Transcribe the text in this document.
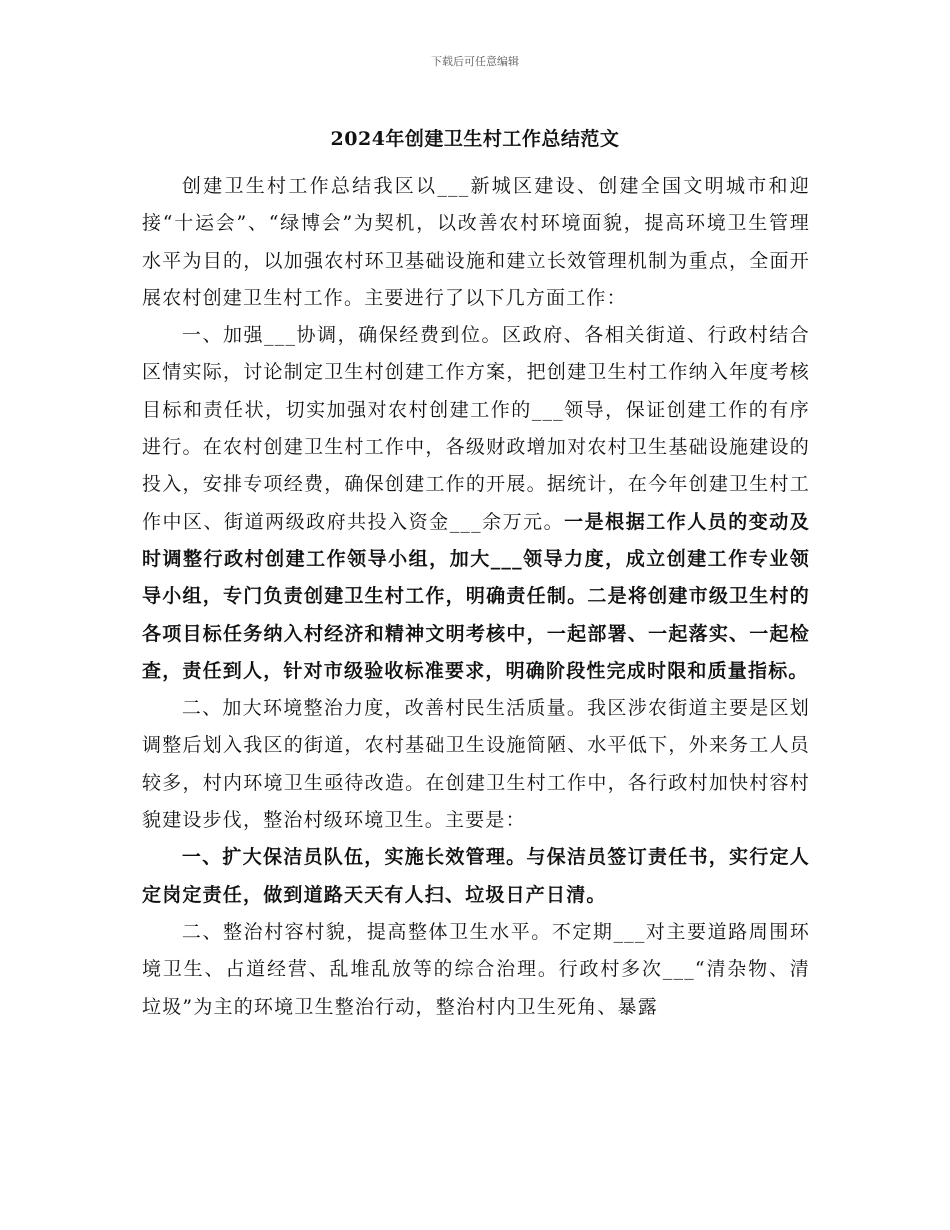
下载后可任意编辑
2024年创建卫生村工作总结范文

创建卫生村工作总结我区以___新城区建设、创建全国文明城市和迎接“十运会”、“绿博会”为契机，以改善农村环境面貌，提高环境卫生管理水平为目的，以加强农村环卫基础设施和建立长效管理机制为重点，全面开展农村创建卫生村工作。主要进行了以下几方面工作：

一、加强___协调，确保经费到位。区政府、各相关街道、行政村结合区情实际，讨论制定卫生村创建工作方案，把创建卫生村工作纳入年度考核目标和责任状，切实加强对农村创建工作的___领导，保证创建工作的有序进行。在农村创建卫生村工作中，各级财政增加对农村卫生基础设施建设的投入，安排专项经费，确保创建工作的开展。据统计，在今年创建卫生村工作中区、街道两级政府共投入资金___余万元。一是根据工作人员的变动及时调整行政村创建工作领导小组，加大___领导力度，成立创建工作专业领导小组，专门负责创建卫生村工作，明确责任制。二是将创建市级卫生村的各项目标任务纳入村经济和精神文明考核中，一起部署、一起落实、一起检查，责任到人，针对市级验收标准要求，明确阶段性完成时限和质量指标。

二、加大环境整治力度，改善村民生活质量。我区涉农街道主要是区划调整后划入我区的街道，农村基础卫生设施简陋、水平低下，外来务工人员较多，村内环境卫生亟待改造。在创建卫生村工作中，各行政村加快村容村貌建设步伐，整治村级环境卫生。主要是：

一、扩大保洁员队伍，实施长效管理。与保洁员签订责任书，实行定人定岗定责任，做到道路天天有人扫、垃圾日产日清。

二、整治村容村貌，提高整体卫生水平。不定期___对主要道路周围环境卫生、占道经营、乱堆乱放等的综合治理。行政村多次___“清杂物、清垃圾”为主的环境卫生整治行动，整治村内卫生死角、暴露
